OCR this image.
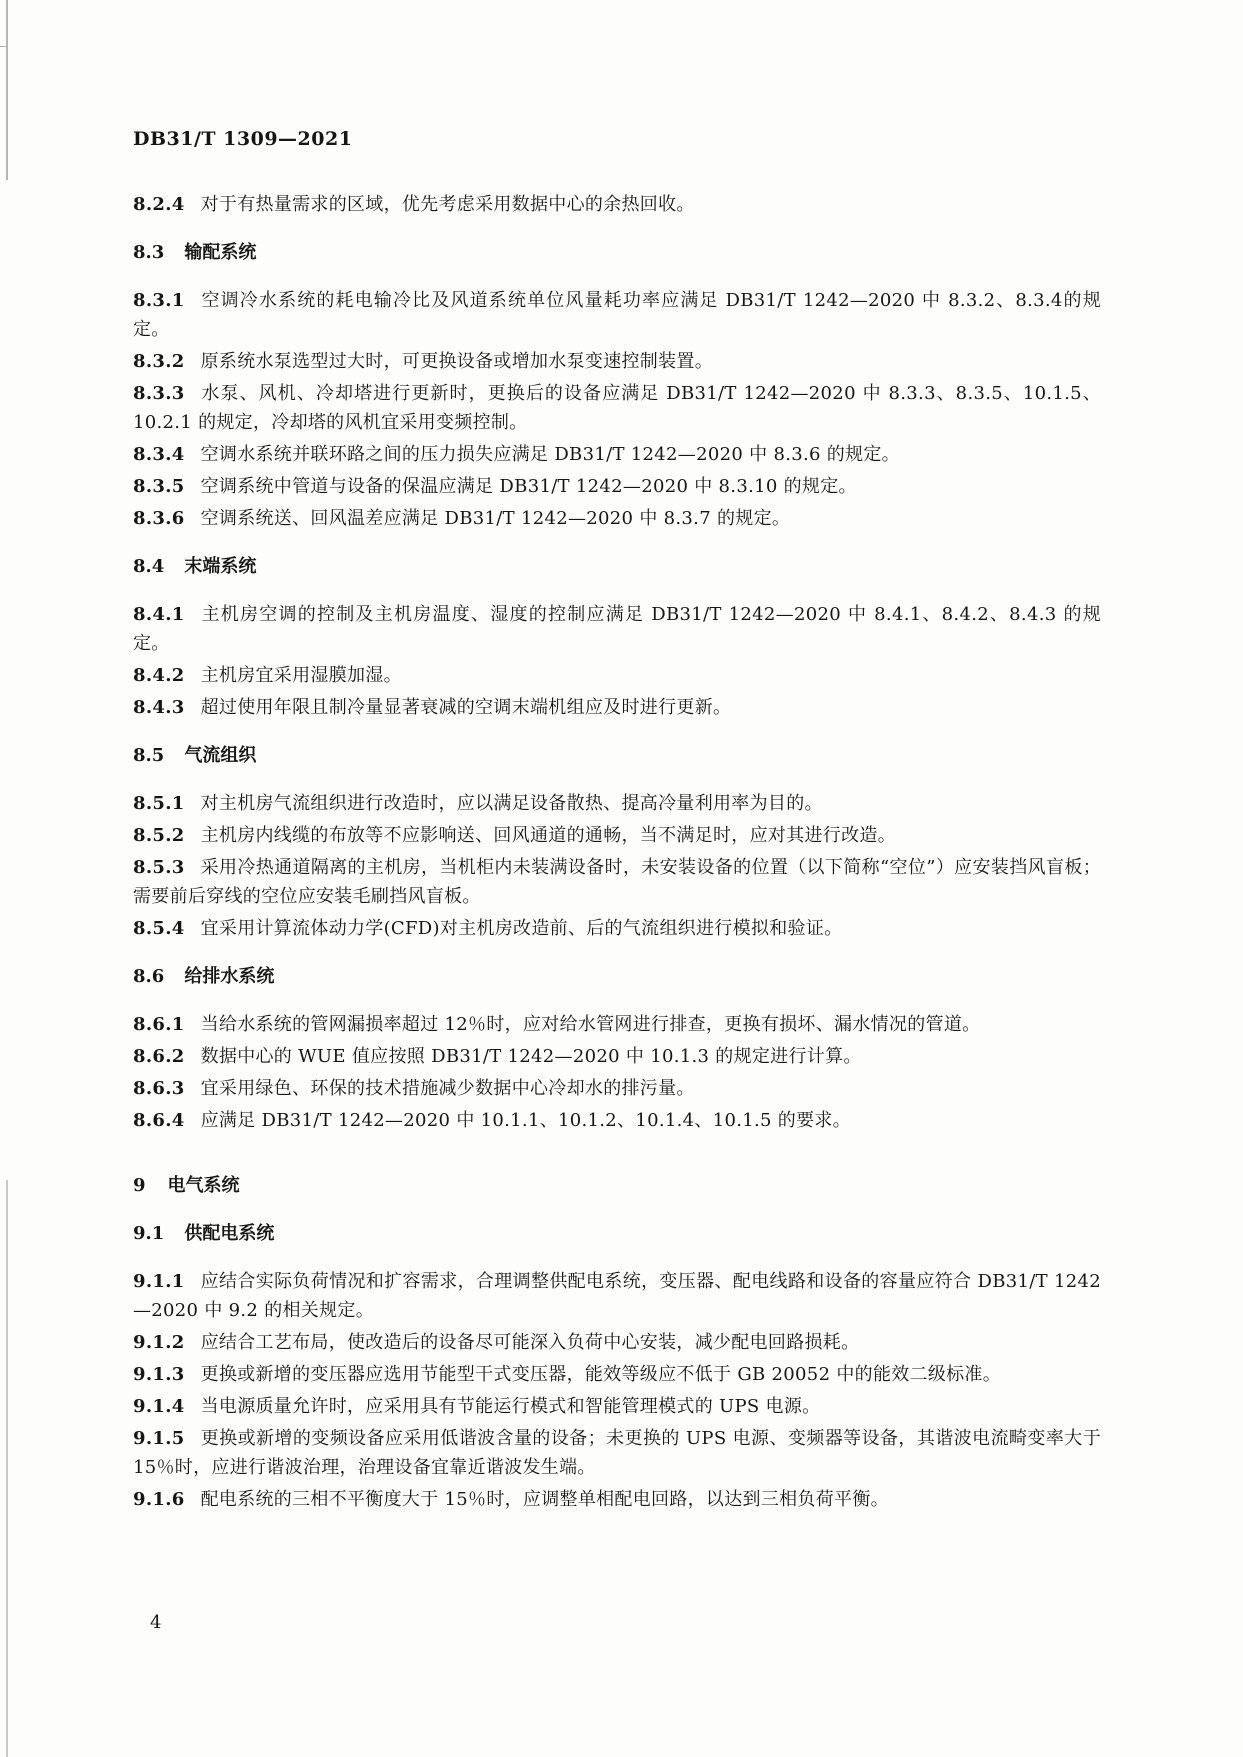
DB31/T 1309—2021
8.2.4 对于有热量需求的区域，优先考虑采用数据中心的余热回收。
8.3 输配系统
8.3.1 空调冷水系统的耗电输冷比及风道系统单位风量耗功率应满足 DB31/T 1242—2020 中 8.3.2、8.3.4的规定。
8.3.2 原系统水泵选型过大时，可更换设备或增加水泵变速控制装置。
8.3.3 水泵、风机、冷却塔进行更新时，更换后的设备应满足 DB31/T 1242—2020 中 8.3.3、8.3.5、10.1.5、10.2.1 的规定，冷却塔的风机宜采用变频控制。
8.3.4 空调水系统并联环路之间的压力损失应满足 DB31/T 1242—2020 中 8.3.6 的规定。
8.3.5 空调系统中管道与设备的保温应满足 DB31/T 1242—2020 中 8.3.10 的规定。
8.3.6 空调系统送、回风温差应满足 DB31/T 1242—2020 中 8.3.7 的规定。
8.4 末端系统
8.4.1 主机房空调的控制及主机房温度、湿度的控制应满足 DB31/T 1242—2020 中 8.4.1、8.4.2、8.4.3 的规定。
8.4.2 主机房宜采用湿膜加湿。
8.4.3 超过使用年限且制冷量显著衰减的空调末端机组应及时进行更新。
8.5 气流组织
8.5.1 对主机房气流组织进行改造时，应以满足设备散热、提高冷量利用率为目的。
8.5.2 主机房内线缆的布放等不应影响送、回风通道的通畅，当不满足时，应对其进行改造。
8.5.3 采用冷热通道隔离的主机房，当机柜内未装满设备时，未安装设备的位置（以下简称“空位”）应安装挡风盲板；需要前后穿线的空位应安装毛刷挡风盲板。
8.5.4 宜采用计算流体动力学(CFD)对主机房改造前、后的气流组织进行模拟和验证。
8.6 给排水系统
8.6.1 当给水系统的管网漏损率超过 12％时，应对给水管网进行排查，更换有损坏、漏水情况的管道。
8.6.2 数据中心的 WUE 值应按照 DB31/T 1242—2020 中 10.1.3 的规定进行计算。
8.6.3 宜采用绿色、环保的技术措施减少数据中心冷却水的排污量。
8.6.4 应满足 DB31/T 1242—2020 中 10.1.1、10.1.2、10.1.4、10.1.5 的要求。
9 电气系统
9.1 供配电系统
9.1.1 应结合实际负荷情况和扩容需求，合理调整供配电系统，变压器、配电线路和设备的容量应符合 DB31/T 1242—2020 中 9.2 的相关规定。
9.1.2 应结合工艺布局，使改造后的设备尽可能深入负荷中心安装，减少配电回路损耗。
9.1.3 更换或新增的变压器应选用节能型干式变压器，能效等级应不低于 GB 20052 中的能效二级标准。
9.1.4 当电源质量允许时，应采用具有节能运行模式和智能管理模式的 UPS 电源。
9.1.5 更换或新增的变频设备应采用低谐波含量的设备；未更换的 UPS 电源、变频器等设备，其谐波电流畸变率大于 15％时，应进行谐波治理，治理设备宜靠近谐波发生端。
9.1.6 配电系统的三相不平衡度大于 15％时，应调整单相配电回路，以达到三相负荷平衡。
4
